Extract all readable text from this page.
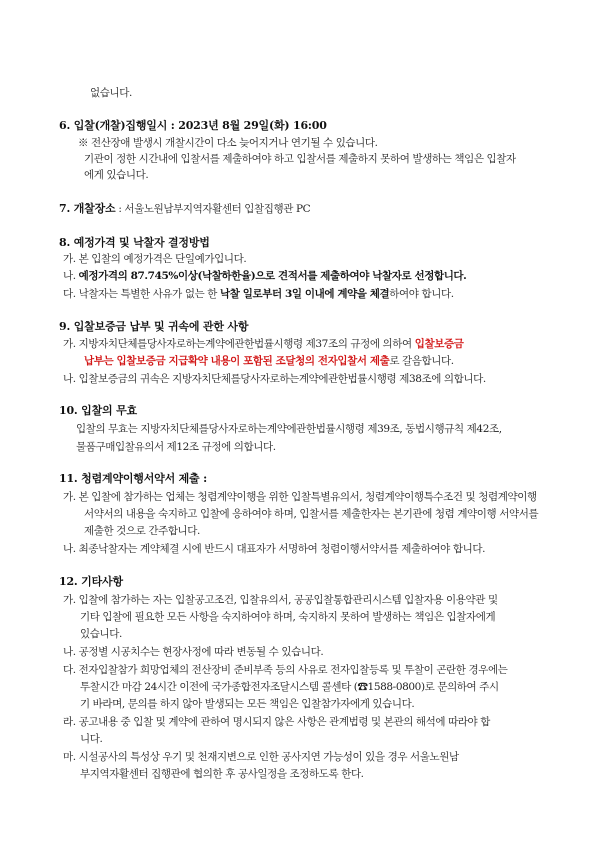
없습니다.
6. 입찰(개찰)집행일시 : 2023년 8월 29일(화) 16:00
※ 전산장애 발생시 개찰시간이 다소 늦어지거나 연기될 수 있습니다.
기관이 정한 시간내에 입찰서를 제출하여야 하고 입찰서를 제출하지 못하여 발생하는 책임은 입찰자
에게 있습니다.
7. 개찰장소 : 서울노원남부지역자활센터 입찰집행관 PC
8. 예정가격 및 낙찰자 결정방법
가. 본 입찰의 예정가격은 단일예가입니다.
나. 예정가격의 87.745%이상(낙찰하한율)으로 견적서를 제출하여야 낙찰자로 선정합니다.
다. 낙찰자는 특별한 사유가 없는 한 낙찰 일로부터 3일 이내에 계약을 체결하여야 합니다.
9. 입찰보증금 납부 및 귀속에 관한 사항
가. 지방자치단체를당사자로하는계약에관한법률시행령 제37조의 규정에 의하여 입찰보증금
납부는 입찰보증금 지급확약 내용이 포함된 조달청의 전자입찰서 제출로 갈음합니다.
나. 입찰보증금의 귀속은 지방자치단체를당사자로하는계약에관한법률시행령 제38조에 의합니다.
10. 입찰의 무효
입찰의 무효는 지방자치단체를당사자로하는계약에관한법률시행령 제39조, 동법시행규칙 제42조,
물품구매입찰유의서 제12조 규정에 의합니다.
11. 청렴계약이행서약서 제출 :
가. 본 입찰에 참가하는 업체는 청렴계약이행을 위한 입찰특별유의서, 청렴계약이행특수조건 및 청렴계약이행
서약서의 내용을 숙지하고 입찰에 응하여야 하며, 입찰서를 제출한자는 본기관에 청렴 계약이행 서약서를
제출한 것으로 간주합니다.
나. 최종낙찰자는 계약체결 시에 반드시 대표자가 서명하여 청렴이행서약서를 제출하여야 합니다.
12. 기타사항
가. 입찰에 참가하는 자는 입찰공고조건, 입찰유의서, 공공입찰통합관리시스템 입찰자용 이용약관 및
기타 입찰에 필요한 모든 사항을 숙지하여야 하며, 숙지하지 못하여 발생하는 책임은 입찰자에게
있습니다.
나. 공정별 시공치수는 현장사정에 따라 변동될 수 있습니다.
다. 전자입찰참가 희망업체의 전산장비 준비부족 등의 사유로 전자입찰등록 및 투찰이 곤란한 경우에는
투찰시간 마감 24시간 이전에 국가종합전자조달시스템 콜센타 (☎1588-0800)로 문의하여 주시
기 바라며, 문의를 하지 않아 발생되는 모든 책임은 입찰참가자에게 있습니다.
라. 공고내용 중 입찰 및 계약에 관하여 명시되지 않은 사항은 관계법령 및 본관의 해석에 따라야 합
니다.
마. 시설공사의 특성상 우기 및 천재지변으로 인한 공사지연 가능성이 있을 경우 서울노원남
부지역자활센터 집행관에 협의한 후 공사일정을 조정하도록 한다.
